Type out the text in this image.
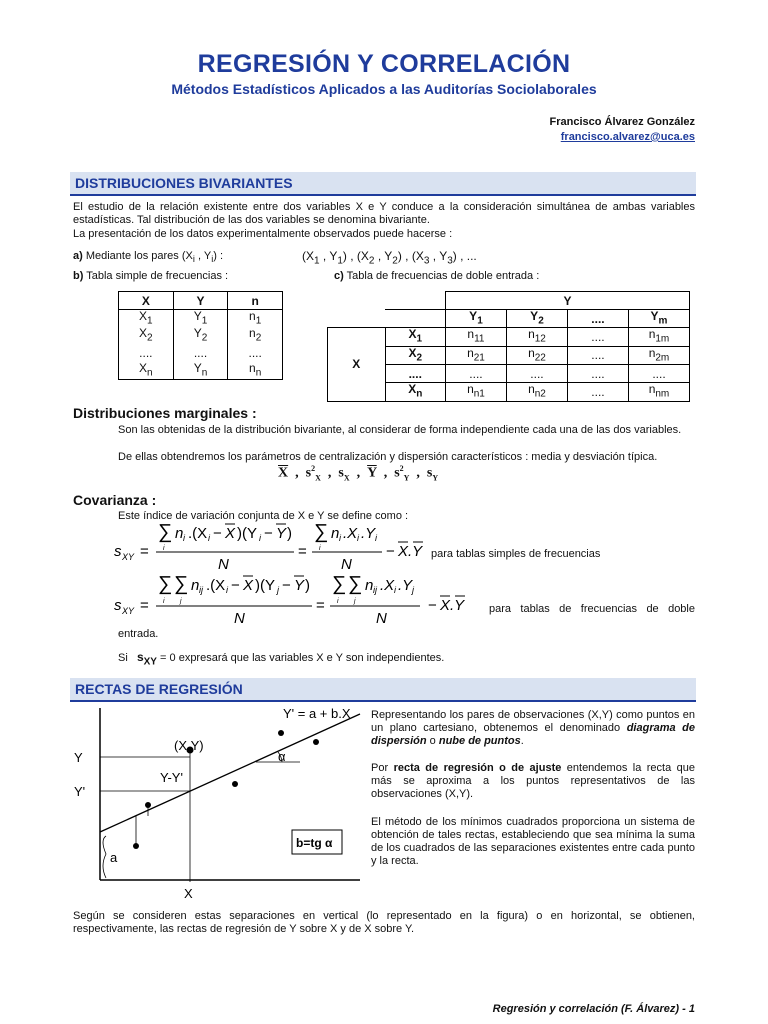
REGRESIÓN Y CORRELACIÓN
Métodos Estadísticos Aplicados a las Auditorías Sociolaborales
Francisco Álvarez González
francisco.alvarez@uca.es
DISTRIBUCIONES BIVARIANTES
El estudio de la relación existente entre dos variables X e Y conduce a la consideración simultánea de ambas variables estadísticas. Tal distribución de las dos variables se denomina bivariante.
La presentación de los datos experimentalmente observados puede hacerse :
a) Mediante los pares ($X_i$ , $Y_i$) :	($X_1$ , $Y_1$) , ($X_2$ , $Y_2$) , ($X_3$ , $Y_3$) , ...
b) Tabla simple de frecuencias :	c) Tabla de frecuencias de doble entrada :
X	Y	n
$X_1$	$Y_1$	$n_1$
$X_2$	$Y_2$	$n_2$
....	....	....
$X_n$	$Y_n$	$n_n$
		Y			
		$Y_1$	$Y_2$	....	$Y_m$
X	$X_1$	$n_{11}$	$n_{12}$	....	$n_{1m}$
	$X_2$	$n_{21}$	$n_{22}$	....	$n_{2m}$
	....	....	....	....	....
	$X_n$	$n_{n1}$	$n_{n2}$	....	$n_{nm}$
Distribuciones marginales :
Son las obtenidas de la distribución bivariante, al considerar de forma independiente cada una de las dos variables.
De ellas obtendremos los parámetros de centralización y dispersión característicos : media y desviación típica.
$\overline{X}$  ,  $s^2_X$  ,  $s_X$  ,  $\overline{Y}$  ,  $s^2_Y$  ,  $s_Y$
Covarianza :
Este índice de variación conjunta de X e Y se define como :
s XY =
∑ n i .(X i − X )(Y i − Y )
i
N
=
∑ n i .X i .Y i
i
N
− X .Y para tablas simples de frecuencias
s XY =
∑ ∑ n ij .(X i − X )(Y j − Y )
i j
N
=
∑ ∑ n ij .X i .Y j
i j
N
− X .Y para tablas de frecuencias de doble
entrada.
Si $s_{XY} = 0$ expresará que las variables X e Y son independientes.
RECTAS DE REGRESIÓN
Y' = a + b.X
(X,Y)
Y
Y'
Y-Y'
α
a
X
b=tg α
Representando los pares de observaciones (X,Y) como puntos en un plano cartesiano, obtenemos el denominado diagrama de dispersión o nube de puntos.
Por recta de regresión o de ajuste entendemos la recta que más se aproxima a los puntos representativos de las observaciones (X,Y).
El método de los mínimos cuadrados proporciona un sistema de obtención de tales rectas, estableciendo que sea mínima la suma de los cuadrados de las separaciones existentes entre cada punto y la recta.
Según se consideren estas separaciones en vertical (lo representado en la figura) o en horizontal, se obtienen, respectivamente, las rectas de regresión de Y sobre X y de X sobre Y.
Regresión y correlación (F. Álvarez) - 1
